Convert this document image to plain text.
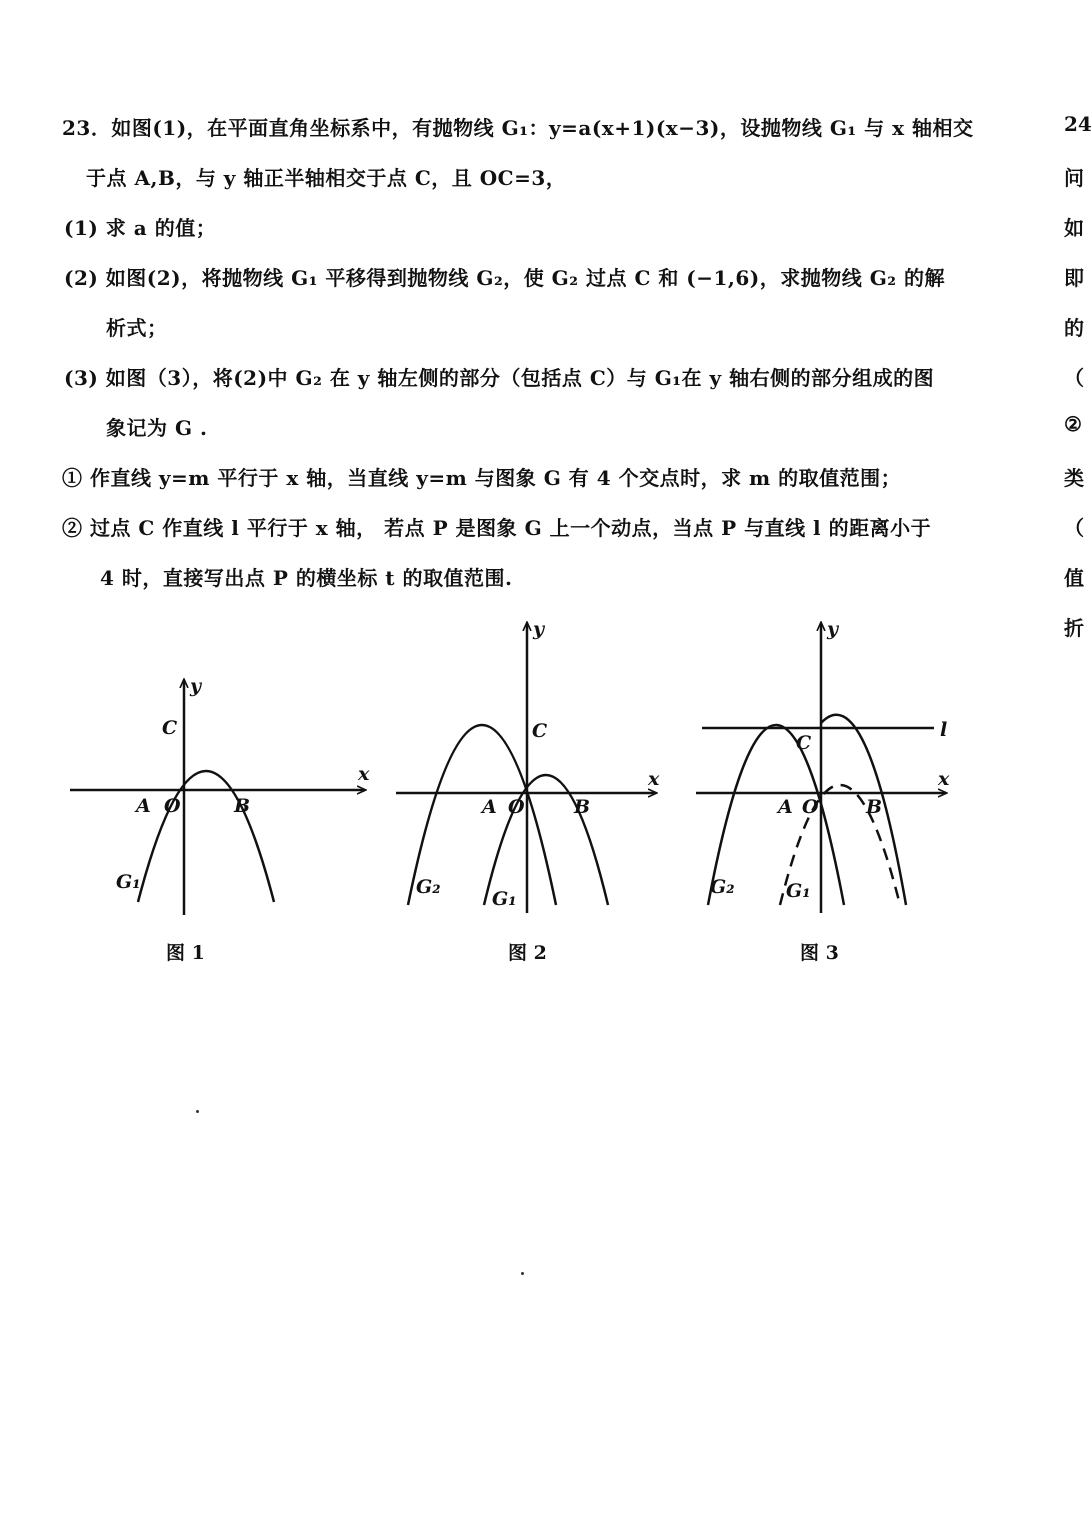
23．如图(1)，在平面直角坐标系中，有抛物线 G₁：y=a(x+1)(x−3)，设抛物线 G₁ 与 x 轴相交
于点 A,B，与 y 轴正半轴相交于点 C，且 OC=3，
(1) 求 a 的值；
(2) 如图(2)，将抛物线 G₁ 平移得到抛物线 G₂，使 G₂ 过点 C 和 (−1,6)，求抛物线 G₂ 的解
析式；
(3) 如图（3），将(2)中 G₂ 在 y 轴左侧的部分（包括点 C）与 G₁在 y 轴右侧的部分组成的图
象记为 G .
① 作直线 y=m 平行于 x 轴，当直线 y=m 与图象 G 有 4 个交点时，求 m 的取值范围；
② 过点 C 作直线 l 平行于 x 轴， 若点 P 是图象 G 上一个动点，当点 P 与直线 l 的距离小于
4 时，直接写出点 P 的横坐标 t 的取值范围.
24
问
如
即
的
（
②
类
（
值
折
y
x
C
A O	B
G₁
图 1
y
x
C
A O	B
G₂
G₁
图 2
y
x
l
C
A O B
G₂	G₁
图 3
